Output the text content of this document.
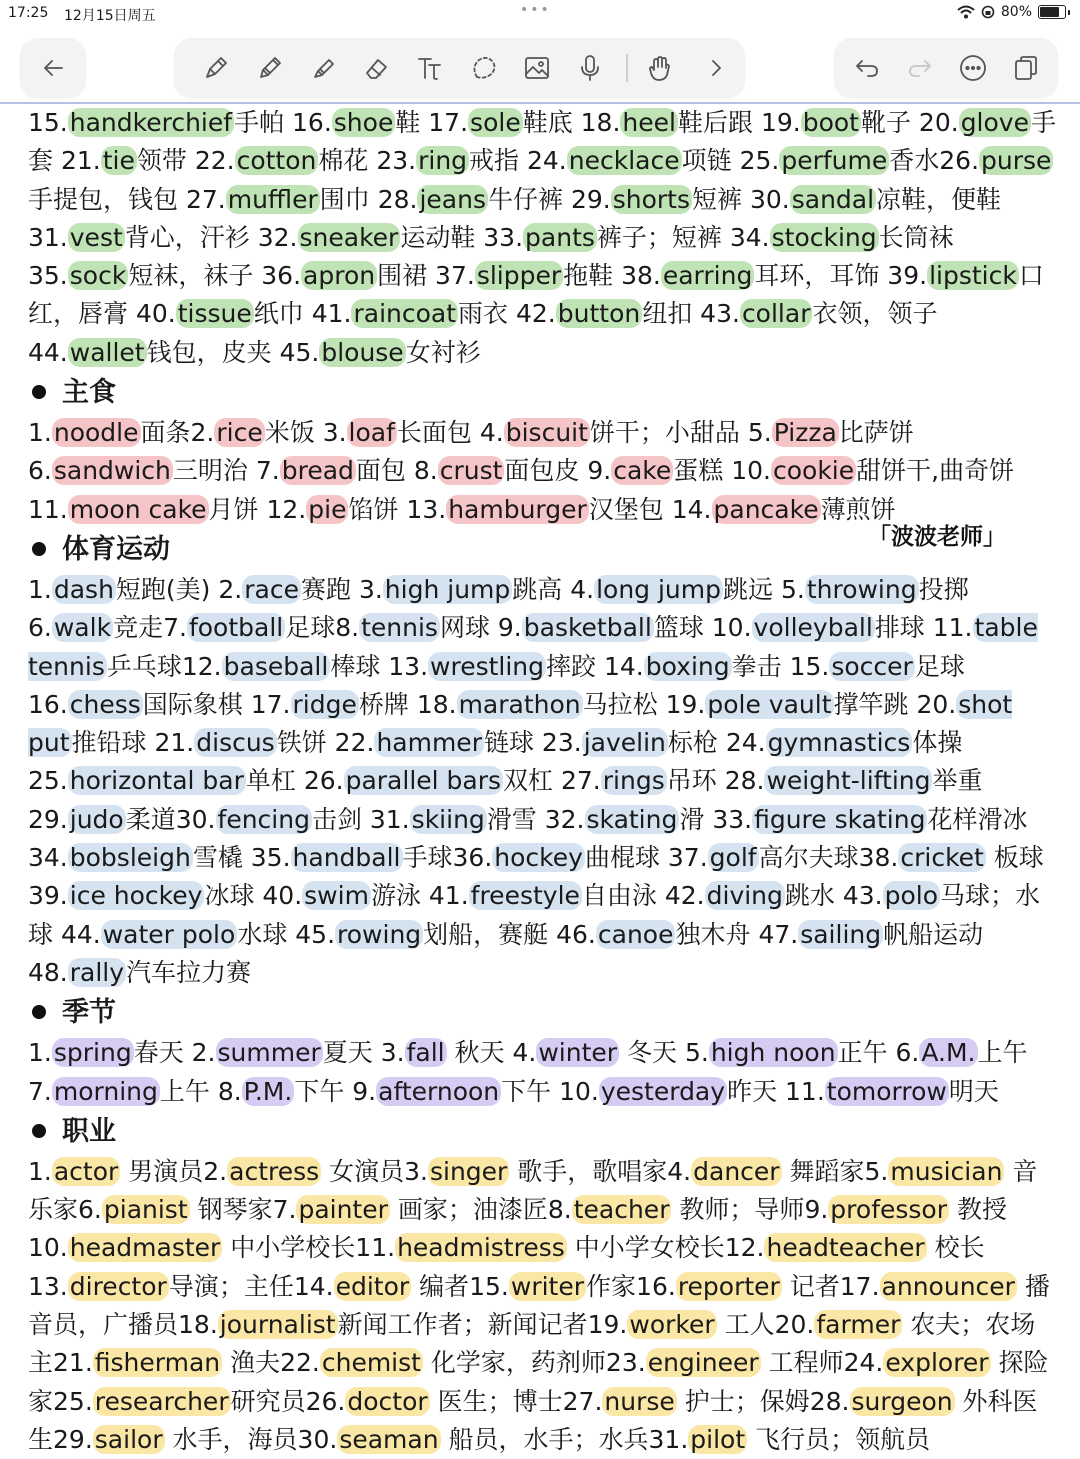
17:25 12月15日周五	•••	80%

15.handkerchief手帕 16.shoe鞋 17.sole鞋底 18.heel鞋后跟 19.boot靴子 20.glove手套 21.tie领带 22.cotton棉花 23.ring戒指 24.necklace项链 25.perfume香水26.purse手提包，钱包 27.muffler围巾 28.jeans牛仔裤 29.shorts短裤 30.sandal凉鞋，便鞋 31.vest背心，汗衫 32.sneaker运动鞋 33.pants裤子；短裤 34.stocking长筒袜 35.sock短袜，袜子 36.apron围裙 37.slipper拖鞋 38.earring耳环，耳饰 39.lipstick口红，唇膏 40.tissue纸巾 41.raincoat雨衣 42.button纽扣 43.collar衣领，领子 44.wallet钱包，皮夹 45.blouse女衬衫

主食

1.noodle面条2.rice米饭 3.loaf长面包 4.biscuit饼干；小甜品 5.Pizza比萨饼6.sandwich三明治 7.bread面包 8.crust面包皮 9.cake蛋糕 10.cookie甜饼干,曲奇饼 11.moon cake月饼 12.pie馅饼 13.hamburger汉堡包 14.pancake薄煎饼

体育运动

1.dash短跑(美) 2.race赛跑 3.high jump跳高 4.long jump跳远 5.throwing投掷 6.walk竞走7.football足球8.tennis网球 9.basketball篮球 10.volleyball排球 11.table tennis乒乓球12.baseball棒球 13.wrestling摔跤 14.boxing拳击 15.soccer足球 16.chess国际象棋 17.ridge桥牌 18.marathon马拉松 19.pole vault撑竿跳 20.shot put推铅球 21.discus铁饼 22.hammer链球 23.javelin标枪 24.gymnastics体操 25.horizontal bar单杠 26.parallel bars双杠 27.rings吊环 28.weight-lifting举重 29.judo柔道30.fencing击剑 31.skiing滑雪 32.skating滑 33.figure skating花样滑冰 34.bobsleigh雪橇 35.handball手球36.hockey曲棍球 37.golf高尔夫球38.cricket 板球 39.ice hockey冰球 40.swim游泳 41.freestyle自由泳 42.diving跳水 43.polo马球；水球 44.water polo水球 45.rowing划船，赛艇 46.canoe独木舟 47.sailing帆船运动 48.rally汽车拉力赛

季节

1.spring春天 2.summer夏天 3.fall 秋天 4.winter 冬天 5.high noon正午 6.A.M.上午 7.morning上午 8.P.M.下午 9.afternoon下午 10.yesterday昨天 11.tomorrow明天

职业

1.actor 男演员2.actress 女演员3.singer 歌手，歌唱家4.dancer 舞蹈家5.musician 音乐家6.pianist 钢琴家7.painter 画家；油漆匠8.teacher 教师；导师9.professor 教授 10.headmaster 中小学校长11.headmistress 中小学女校长12.headteacher 校长 13.director导演；主任14.editor 编者15.writer作家16.reporter 记者17.announcer 播音员，广播员18.journalist新闻工作者；新闻记者19.worker 工人20.farmer 农夫；农场主21.fisherman 渔夫22.chemist 化学家，药剂师23.engineer 工程师24.explorer 探险家25.researcher研究员26.doctor 医生；博士27.nurse 护士；保姆28.surgeon 外科医生29.sailor 水手，海员30.seaman 船员，水手；水兵31.pilot 飞行员；领航员

「波波老师」
